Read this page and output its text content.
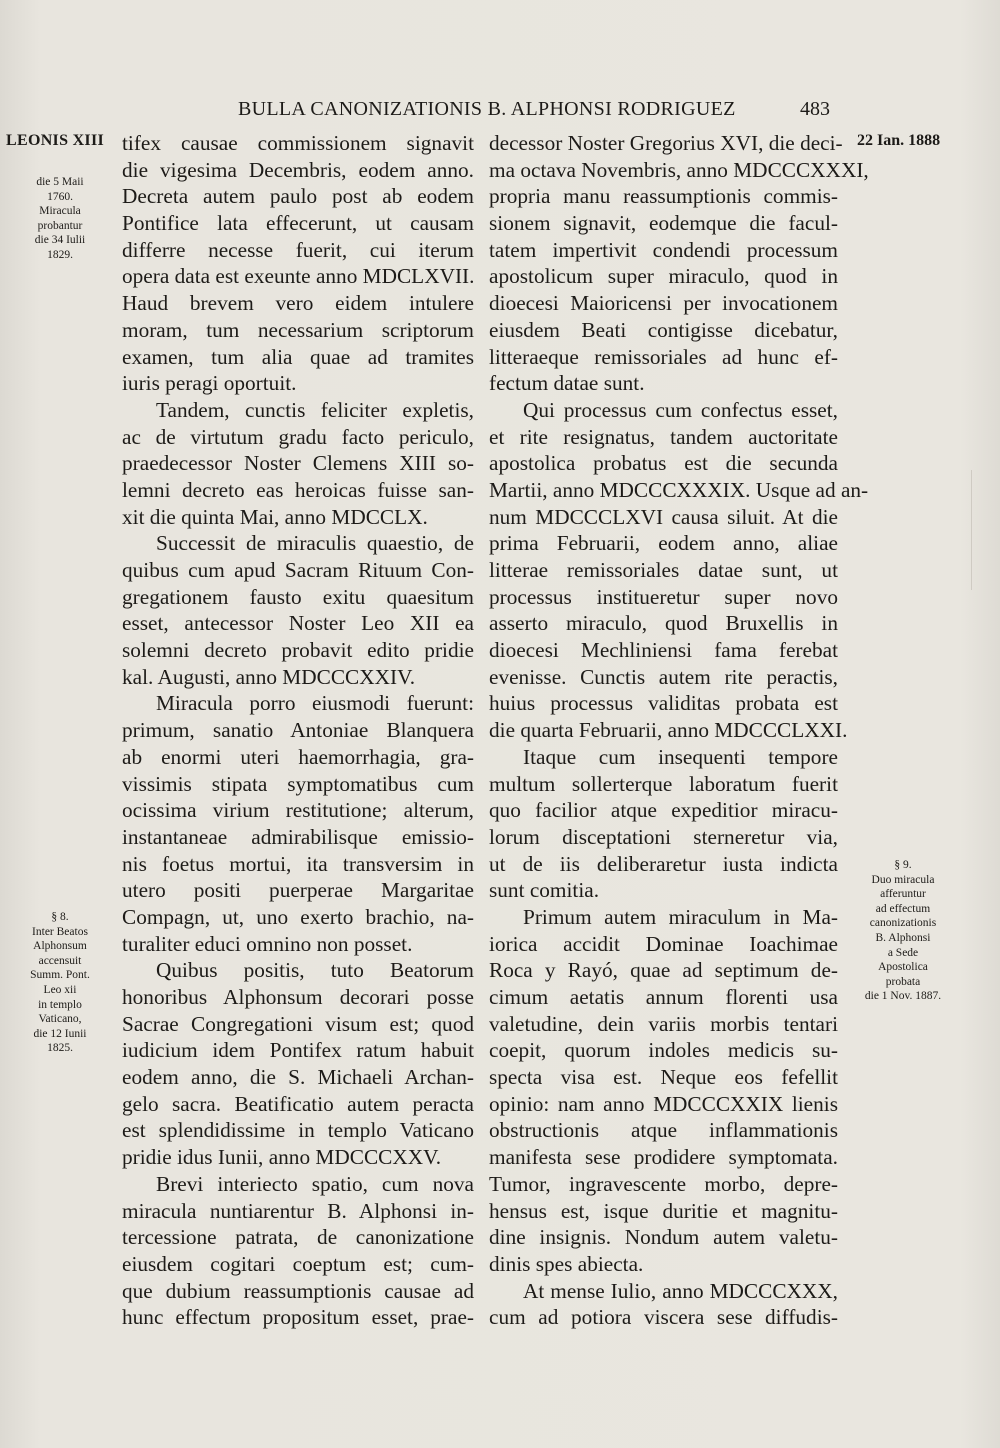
BULLA CANONIZATIONIS B. ALPHONSI RODRIGUEZ	483
LEONIS XIII
die 5 Maii
1760.
Miracula
probantur
die 34 Iulii
1829.
§ 8.
Inter Beatos
Alphonsum
accensuit
Summ. Pont.
Leo xii
in templo
Vaticano,
die 12 Iunii
1825.
22 Ian. 1888
§ 9.
Duo miracula
afferuntur
ad effectum
canonizationis
B. Alphonsi
a Sede
Apostolica
probata
die 1 Nov. 1887.
tifex causae commissionem signavit
die vigesima Decembris, eodem anno.
Decreta autem paulo post ab eodem
Pontifice lata effecerunt, ut causam
differre necesse fuerit, cui iterum
opera data est exeunte anno MDCLXVII.
Haud brevem vero eidem intulere
moram, tum necessarium scriptorum
examen, tum alia quae ad tramites
iuris peragi oportuit.
Tandem, cunctis feliciter expletis,
ac de virtutum gradu facto periculo,
praedecessor Noster Clemens XIII so-
lemni decreto eas heroicas fuisse san-
xit die quinta Mai, anno MDCCLX.
Successit de miraculis quaestio, de
quibus cum apud Sacram Rituum Con-
gregationem fausto exitu quaesitum
esset, antecessor Noster Leo XII ea
solemni decreto probavit edito pridie
kal. Augusti, anno MDCCCXXIV.
Miracula porro eiusmodi fuerunt:
primum, sanatio Antoniae Blanquera
ab enormi uteri haemorrhagia, gra-
vissimis stipata symptomatibus cum
ocissima virium restitutione; alterum,
instantaneae admirabilisque emissio-
nis foetus mortui, ita transversim in
utero positi puerperae Margaritae
Compagn, ut, uno exerto brachio, na-
turaliter educi omnino non posset.
Quibus positis, tuto Beatorum
honoribus Alphonsum decorari posse
Sacrae Congregationi visum est; quod
iudicium idem Pontifex ratum habuit
eodem anno, die S. Michaeli Archan-
gelo sacra. Beatificatio autem peracta
est splendidissime in templo Vaticano
pridie idus Iunii, anno MDCCCXXV.
Brevi interiecto spatio, cum nova
miracula nuntiarentur B. Alphonsi in-
tercessione patrata, de canonizatione
eiusdem cogitari coeptum est; cum-
que dubium reassumptionis causae ad
hunc effectum propositum esset, prae-
decessor Noster Gregorius XVI, die deci-
ma octava Novembris, anno MDCCCXXXI,
propria manu reassumptionis commis-
sionem signavit, eodemque die facul-
tatem impertivit condendi processum
apostolicum super miraculo, quod in
dioecesi Maioricensi per invocationem
eiusdem Beati contigisse dicebatur,
litteraeque remissoriales ad hunc ef-
fectum datae sunt.
Qui processus cum confectus esset,
et rite resignatus, tandem auctoritate
apostolica probatus est die secunda
Martii, anno MDCCCXXXIX. Usque ad an-
num MDCCCLXVI causa siluit. At die
prima Februarii, eodem anno, aliae
litterae remissoriales datae sunt, ut
processus institueretur super novo
asserto miraculo, quod Bruxellis in
dioecesi Mechliniensi fama ferebat
evenisse. Cunctis autem rite peractis,
huius processus validitas probata est
die quarta Februarii, anno MDCCCLXXI.
Itaque cum insequenti tempore
multum sollerterque laboratum fuerit
quo facilior atque expeditior miracu-
lorum disceptationi sterneretur via,
ut de iis deliberaretur iusta indicta
sunt comitia.
Primum autem miraculum in Ma-
iorica accidit Dominae Ioachimae
Roca y Rayó, quae ad septimum de-
cimum aetatis annum florenti usa
valetudine, dein variis morbis tentari
coepit, quorum indoles medicis su-
specta visa est. Neque eos fefellit
opinio: nam anno MDCCCXXIX lienis
obstructionis atque inflammationis
manifesta sese prodidere symptomata.
Tumor, ingravescente morbo, depre-
hensus est, isque duritie et magnitu-
dine insignis. Nondum autem valetu-
dinis spes abiecta.
At mense Iulio, anno MDCCCXXX,
cum ad potiora viscera sese diffudis-
